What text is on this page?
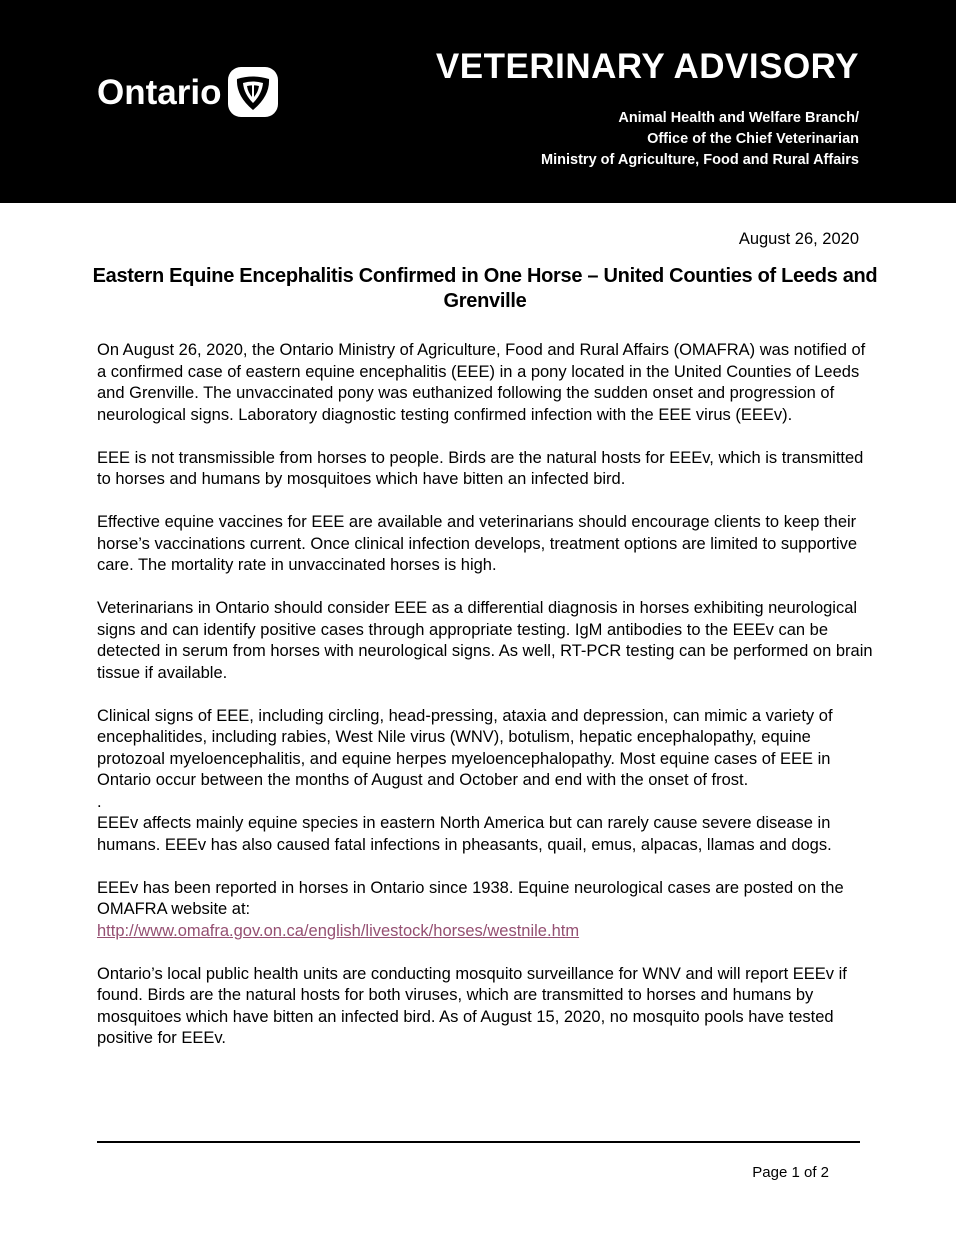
Ontario
VETERINARY ADVISORY
Animal Health and Welfare Branch/
Office of the Chief Veterinarian
Ministry of Agriculture, Food and Rural Affairs
August 26, 2020
Eastern Equine Encephalitis Confirmed in One Horse – United Counties of Leeds and Grenville

On August 26, 2020, the Ontario Ministry of Agriculture, Food and Rural Affairs (OMAFRA) was notified of a confirmed case of eastern equine encephalitis (EEE) in a pony located in the United Counties of Leeds and Grenville. The unvaccinated pony was euthanized following the sudden onset and progression of neurological signs. Laboratory diagnostic testing confirmed infection with the EEE virus (EEEv).

EEE is not transmissible from horses to people. Birds are the natural hosts for EEEv, which is transmitted to horses and humans by mosquitoes which have bitten an infected bird.

Effective equine vaccines for EEE are available and veterinarians should encourage clients to keep their horse’s vaccinations current. Once clinical infection develops, treatment options are limited to supportive care. The mortality rate in unvaccinated horses is high.

Veterinarians in Ontario should consider EEE as a differential diagnosis in horses exhibiting neurological signs and can identify positive cases through appropriate testing. IgM antibodies to the EEEv can be detected in serum from horses with neurological signs. As well, RT-PCR testing can be performed on brain tissue if available.

Clinical signs of EEE, including circling, head-pressing, ataxia and depression, can mimic a variety of encephalitides, including rabies, West Nile virus (WNV), botulism, hepatic encephalopathy, equine protozoal myeloencephalitis, and equine herpes myeloencephalopathy. Most equine cases of EEE in Ontario occur between the months of August and October and end with the onset of frost.

.

EEEv affects mainly equine species in eastern North America but can rarely cause severe disease in humans. EEEv has also caused fatal infections in pheasants, quail, emus, alpacas, llamas and dogs.

EEEv has been reported in horses in Ontario since 1938. Equine neurological cases are posted on the OMAFRA website at:

http://www.omafra.gov.on.ca/english/livestock/horses/westnile.htm

Ontario’s local public health units are conducting mosquito surveillance for WNV and will report EEEv if found. Birds are the natural hosts for both viruses, which are transmitted to horses and humans by mosquitoes which have bitten an infected bird. As of August 15, 2020, no mosquito pools have tested positive for EEEv.

Page 1 of 2
